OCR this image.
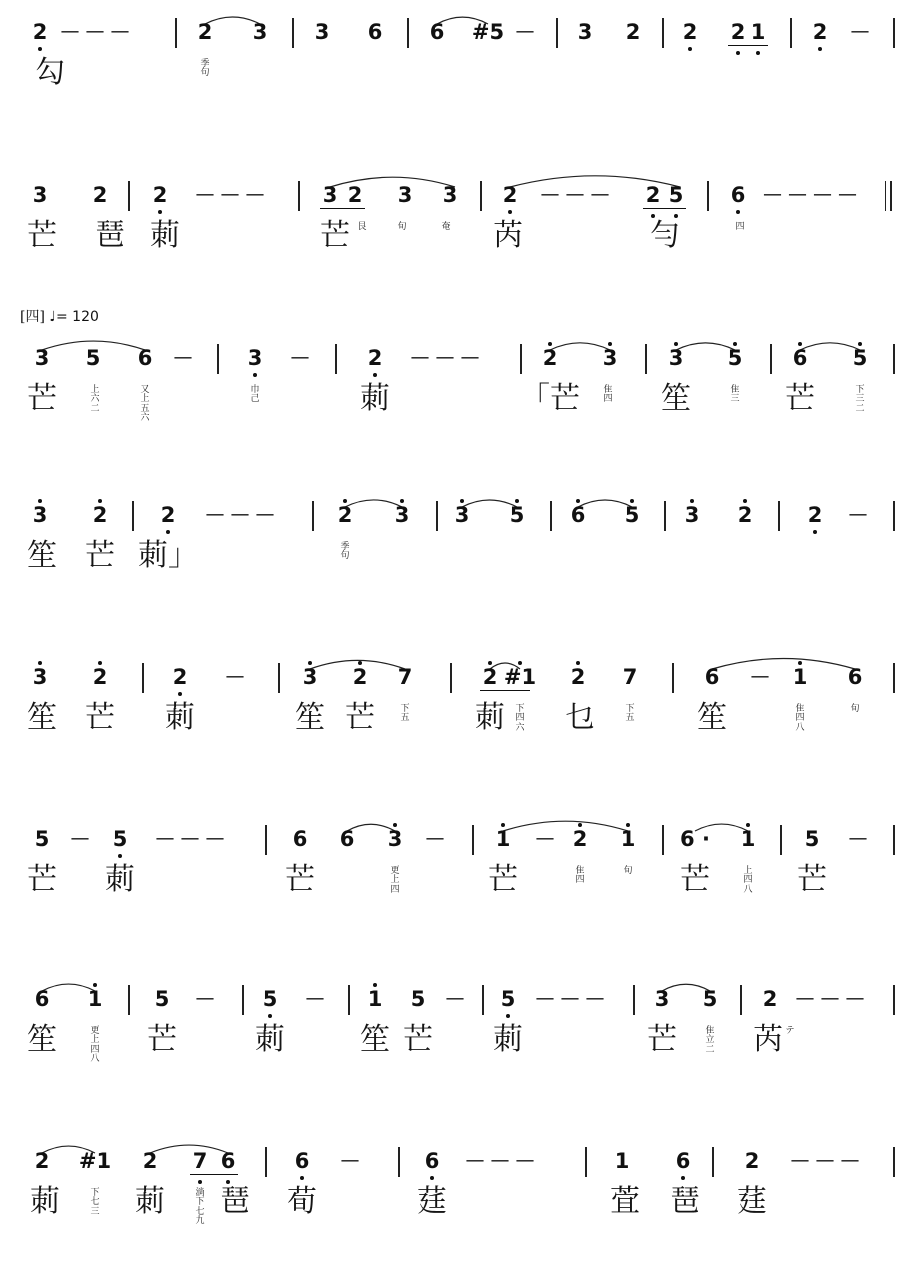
2 — — —	2 3 3 6 6 #5 — 3 2 2 2 1 2 —
勾	季
句
3 2 2 — — —	3 2 3 3 2 — — — 2 5 6 — — — —
芒 琶 莿	芒 艮	旬	奄 芮	勻	四
3 5 6 —	3 —	2 — — —	2 3 3 5 6 5
芒	上
六
二
又
上
五
六
巾
己	莿	「芒	隹
四 笙	隹
三 芒	下
三
二
3 2	2 — — —	2 3 3 5 6 5 3 2	2 —
笙 芒 莿」	季
句
3 2	2 —	3 2 7	2 #1 2 7	6 — 1 6
笙 芒 莿	笙 芒	下
五 莿 下
四
六 乜	下
五 笙	隹
四
八
旬
5 — 5 — — —	6 6 3 — 1 — 2 1 6 · 1 5 —
芒 莿	芒	更
上
四	芒	隹
四
旬 芒	上
四
八 芒
6 1 5 — 5 — 1 5 — 5 — — — 3 5 2 — — —
笙	更
上
四
八
芒	莿	笙 芒 莿	芒	隹
立
二 芮 テ
2 #1 2 7 6	6 —	6 — — —	1 6	2 — — —
莿	下
七
三 莿	淌
下
七
九
琶 荀	莛	萓 琶 莛
[四] ♩= 120
